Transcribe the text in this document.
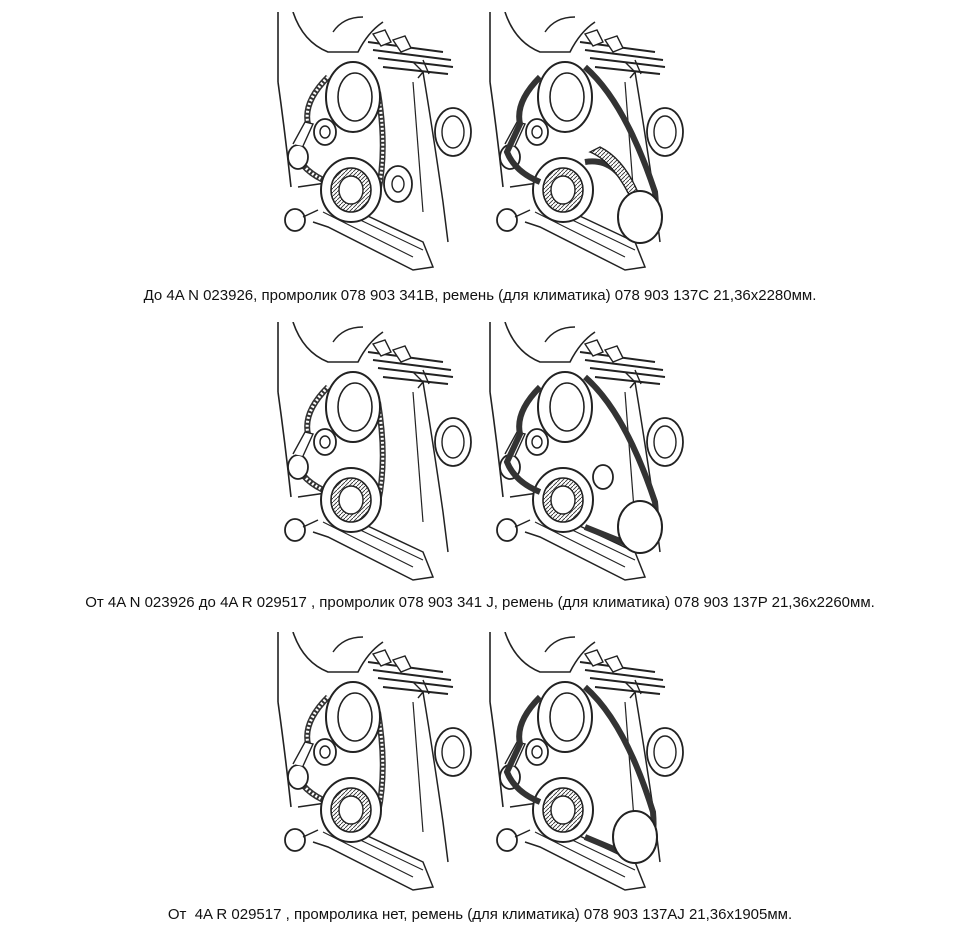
До 4A N 023926, промролик 078 903 341B, ремень (для климатика) 078 903 137C 21,36x2280мм.
От 4A N 023926 до 4A R 029517 , промролик 078 903 341 J, ремень (для климатика) 078 903 137P 21,36x2260мм.
От  4A R 029517 , промролика нет, ремень (для климатика) 078 903 137AJ 21,36x1905мм.
